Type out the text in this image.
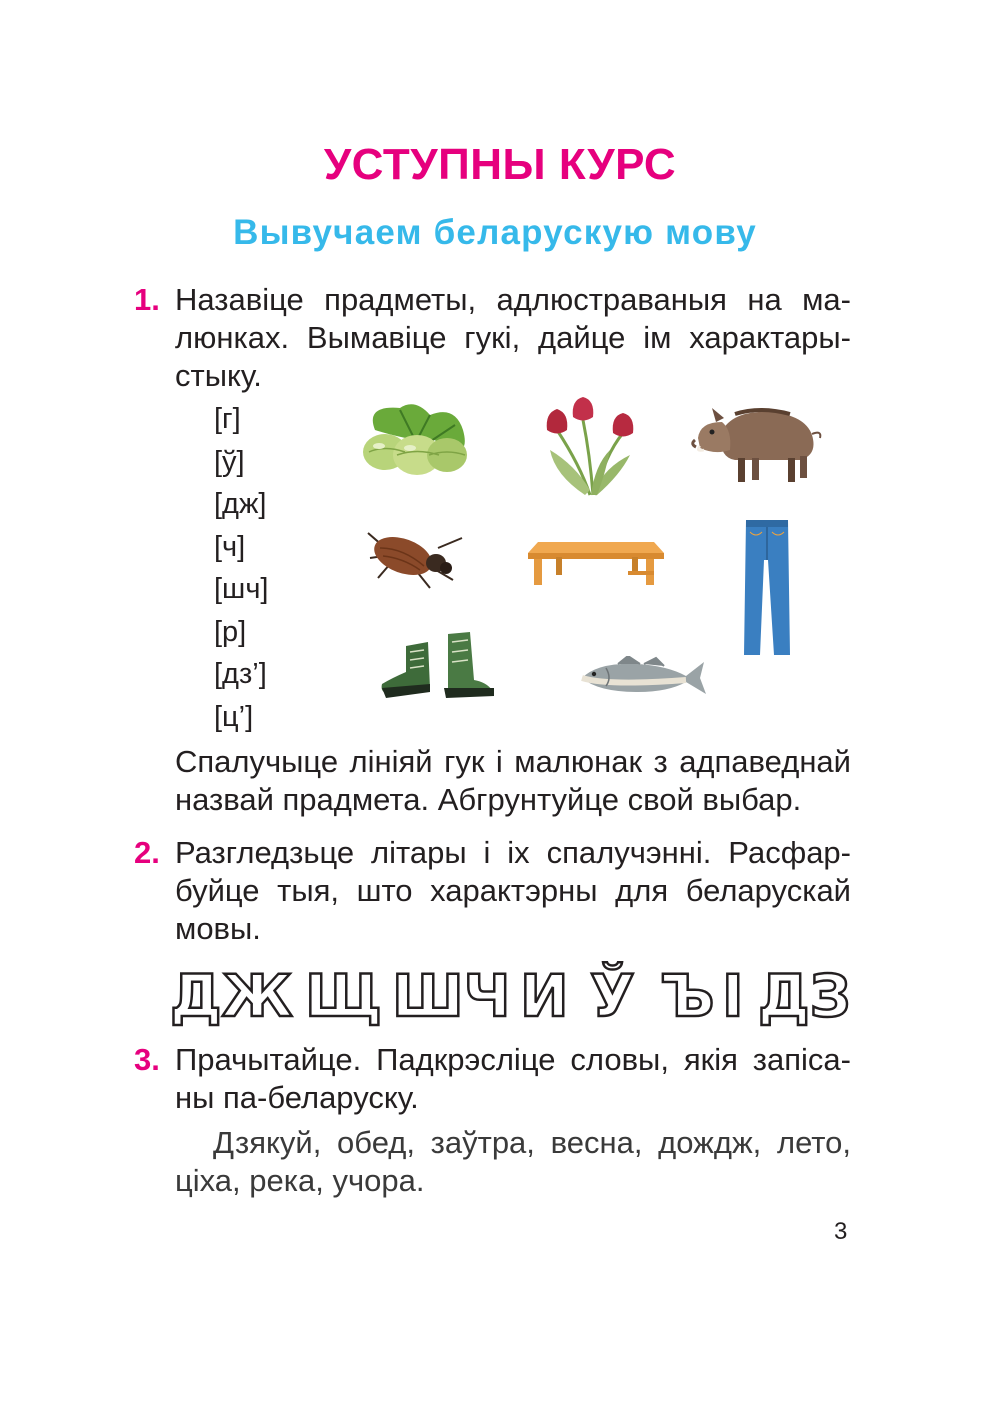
УСТУПНЫ КУРС
Вывучаем беларускую мову
1. Назавіце прадметы, адлюстраваныя на ма-
люнках. Вымавіце гукі, дайце ім характары-
стыку.
[г]
[ў]
[дж]
[ч]
[шч]
[р]
[дз’]
[ц’]
Спалучыце лініяй гук і малюнак з адпаведнай
назвай прадмета. Абгрунтуйце свой выбар.
2. Разгледзьце літары і іх спалучэнні. Расфар-
буйце тыя, што характэрны для беларускай
мовы.
ДЖ Щ ШЧ И Ў Ъ І ДЗ
3. Прачытайце. Падкрэсліце словы, якія запіса-
ны па-беларуску.
Дзякуй, обед, заўтра, весна, дождж, лето,
ціха, река, учора.
3
